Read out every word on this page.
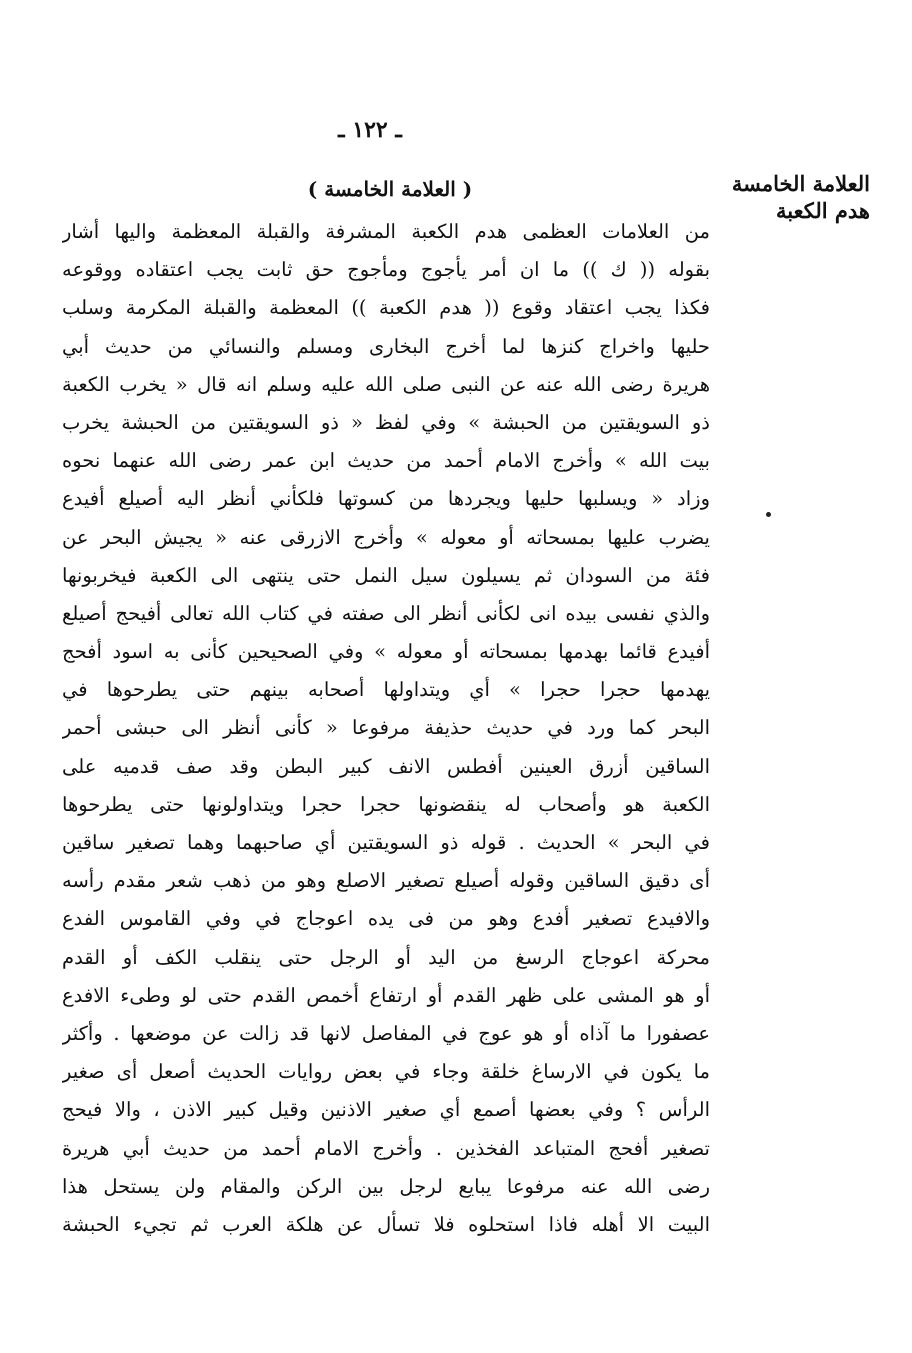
ـ ١٢٢ ـ
العلامة الخامسة
هدم الكعبة
( العلامة الخامسة )
من العلامات العظمى هدم الكعبة المشرفة والقبلة المعظمة واليها أشار
بقوله (( ك )) ما ان أمر يأجوج ومأجوج حق ثابت يجب اعتقاده ووقوعه
فكذا يجب اعتقاد وقوع (( هدم الكعبة )) المعظمة والقبلة المكرمة وسلب
حليها واخراج كنزها لما أخرج البخارى ومسلم والنسائي من حديث أبي
هريرة رضى الله عنه عن النبى صلى الله عليه وسلم انه قال « يخرب الكعبة
ذو السويقتين من الحبشة » وفي لفظ « ذو السويقتين من الحبشة يخرب
بيت الله » وأخرج الامام أحمد من حديث ابن عمر رضى الله عنهما نحوه
وزاد « ويسلبها حليها ويجردها من كسوتها فلكأني أنظر اليه أصيلع أفيدع
يضرب عليها بمسحاته أو معوله » وأخرج الازرقى عنه « يجيش البحر عن
فئة من السودان ثم يسيلون سيل النمل حتى ينتهى الى الكعبة فيخربونها
والذي نفسى بيده انى لكأنى أنظر الى صفته في كتاب الله تعالى أفيحج أصيلع
أفيدع قائما بهدمها بمسحاته أو معوله » وفي الصحيحين كأنى به اسود أفحج
يهدمها حجرا حجرا » أي ويتداولها أصحابه بينهم حتى يطرحوها في
البحر كما ورد في حديث حذيفة مرفوعا « كأنى أنظر الى حبشى أحمر
الساقين أزرق العينين أفطس الانف كبير البطن وقد صف قدميه على
الكعبة هو وأصحاب له ينقضونها حجرا حجرا ويتداولونها حتى يطرحوها
في البحر » الحديث . قوله ذو السويقتين أي صاحبهما وهما تصغير ساقين
أى دقيق الساقين وقوله أصيلع تصغير الاصلع وهو من ذهب شعر مقدم رأسه
والافيدع تصغير أفدع وهو من فى يده اعوجاج في وفي القاموس الفدع
محركة اعوجاج الرسغ من اليد أو الرجل حتى ينقلب الكف أو القدم
أو هو المشى على ظهر القدم أو ارتفاع أخمص القدم حتى لو وطىء الافدع
عصفورا ما آذاه أو هو عوج في المفاصل لانها قد زالت عن موضعها . وأكثر
ما يكون في الارساغ خلقة وجاء في بعض روايات الحديث أصعل أى صغير
الرأس ؟ وفي بعضها أصمع أي صغير الاذنين وقيل كبير الاذن ، والا فيحج
تصغير أفحج المتباعد الفخذين . وأخرج الامام أحمد من حديث أبي هريرة
رضى الله عنه مرفوعا يبايع لرجل بين الركن والمقام ولن يستحل هذا
البيت الا أهله فاذا استحلوه فلا تسأل عن هلكة العرب ثم تجيء الحبشة
